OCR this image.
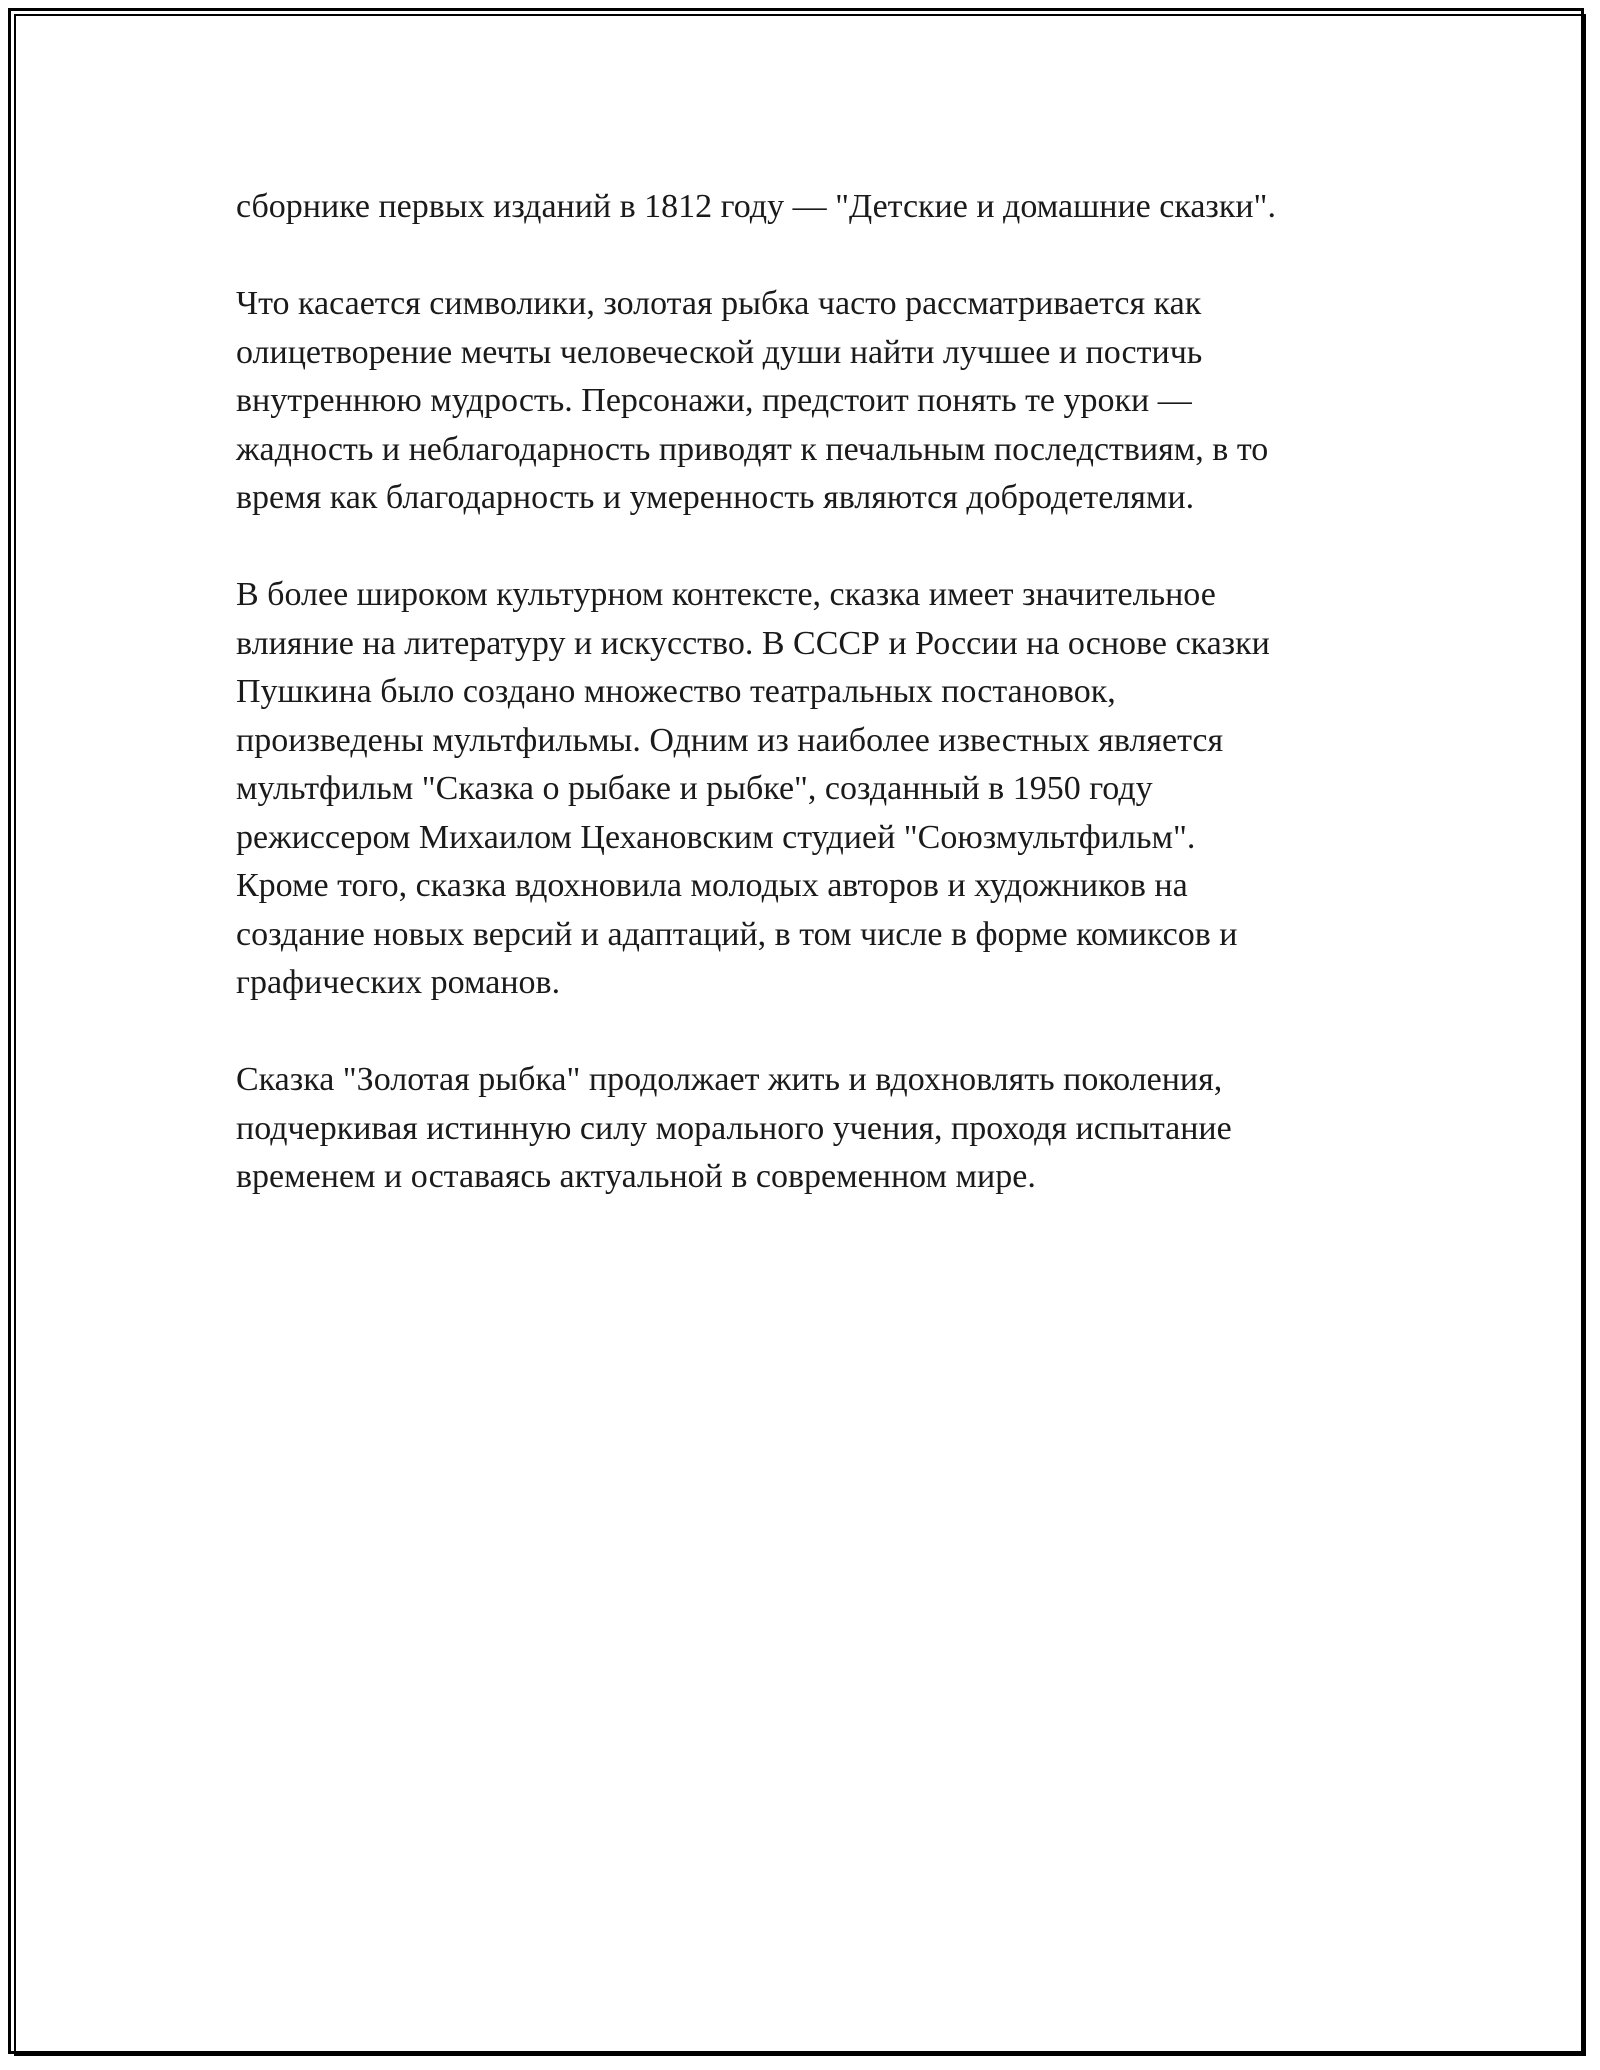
сборнике первых изданий в 1812 году — "Детские и домашние сказки".

Что касается символики, золотая рыбка часто рассматривается как
олицетворение мечты человеческой души найти лучшее и постичь
внутреннюю мудрость. Персонажи, предстоит понять те уроки —
жадность и неблагодарность приводят к печальным последствиям, в то
время как благодарность и умеренность являются добродетелями.

В более широком культурном контексте, сказка имеет значительное
влияние на литературу и искусство. В СССР и России на основе сказки
Пушкина было создано множество театральных постановок,
произведены мультфильмы. Одним из наиболее известных является
мультфильм "Сказка о рыбаке и рыбке", созданный в 1950 году
режиссером Михаилом Цехановским студией "Союзмультфильм".
Кроме того, сказка вдохновила молодых авторов и художников на
создание новых версий и адаптаций, в том числе в форме комиксов и
графических романов.

Сказка "Золотая рыбка" продолжает жить и вдохновлять поколения,
подчеркивая истинную силу морального учения, проходя испытание
временем и оставаясь актуальной в современном мире.
